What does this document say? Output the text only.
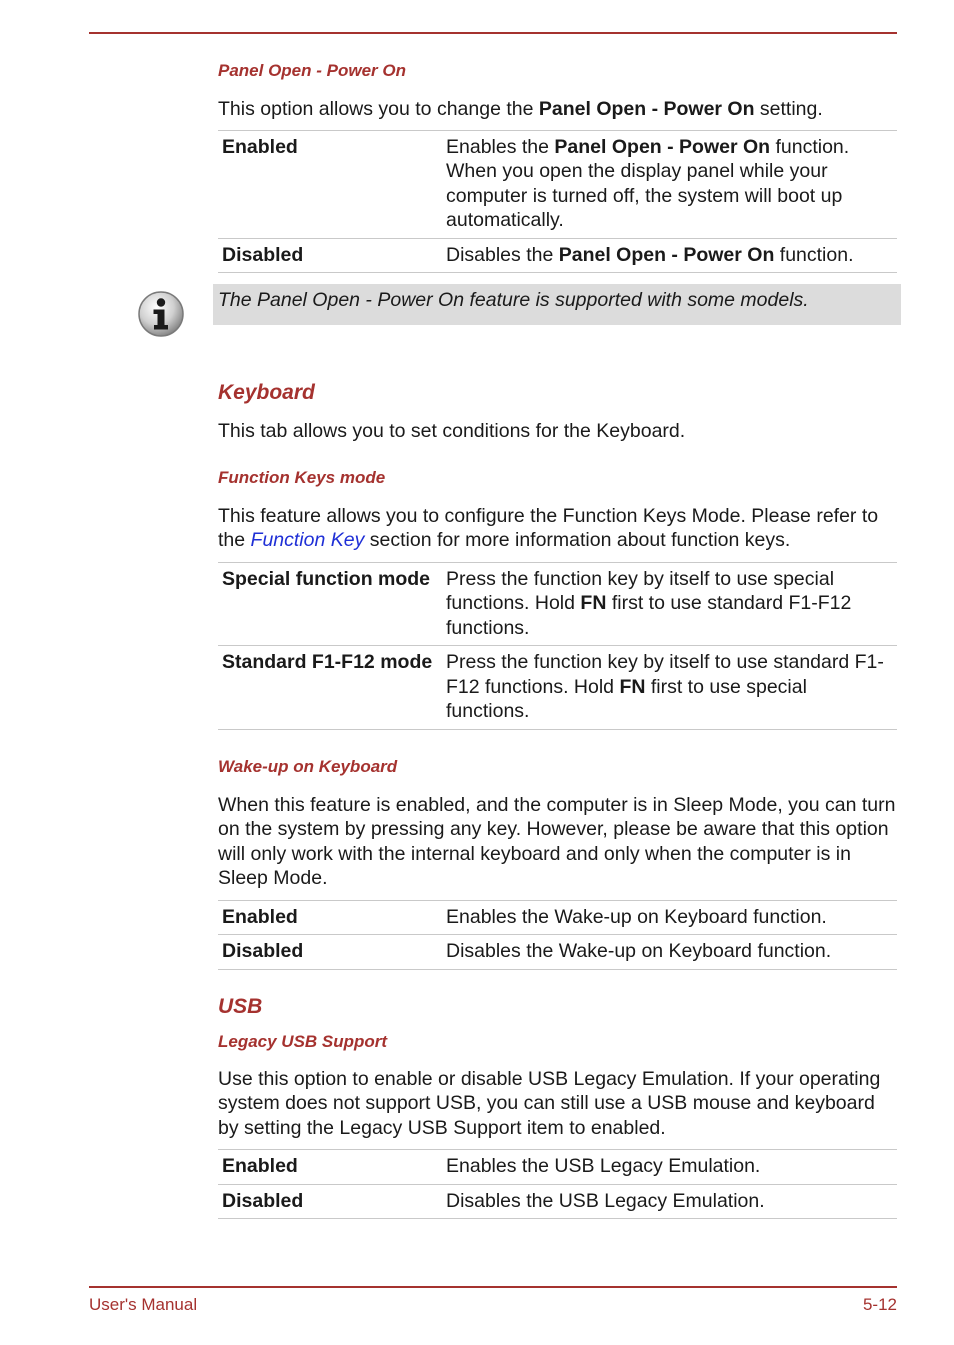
Panel Open - Power On

This option allows you to change the Panel Open - Power On setting.

Enabled	Enables the Panel Open - Power On function. When you open the display panel while your computer is turned off, the system will boot up automatically.
Disabled	Disables the Panel Open - Power On function.
The Panel Open - Power On feature is supported with some models.

Keyboard

This tab allows you to set conditions for the Keyboard.

Function Keys mode

This feature allows you to configure the Function Keys Mode. Please refer to the Function Key section for more information about function keys.

Special function mode	Press the function key by itself to use special functions. Hold FN first to use standard F1-F12 functions.
Standard F1-F12 mode	Press the function key by itself to use standard F1-F12 functions. Hold FN first to use special functions.

Wake-up on Keyboard

When this feature is enabled, and the computer is in Sleep Mode, you can turn on the system by pressing any key. However, please be aware that this option will only work with the internal keyboard and only when the computer is in Sleep Mode.

Enabled	Enables the Wake-up on Keyboard function.
Disabled	Disables the Wake-up on Keyboard function.

USB

Legacy USB Support

Use this option to enable or disable USB Legacy Emulation. If your operating system does not support USB, you can still use a USB mouse and keyboard by setting the Legacy USB Support item to enabled.

Enabled	Enables the USB Legacy Emulation.
Disabled	Disables the USB Legacy Emulation.
User's Manual	5-12
